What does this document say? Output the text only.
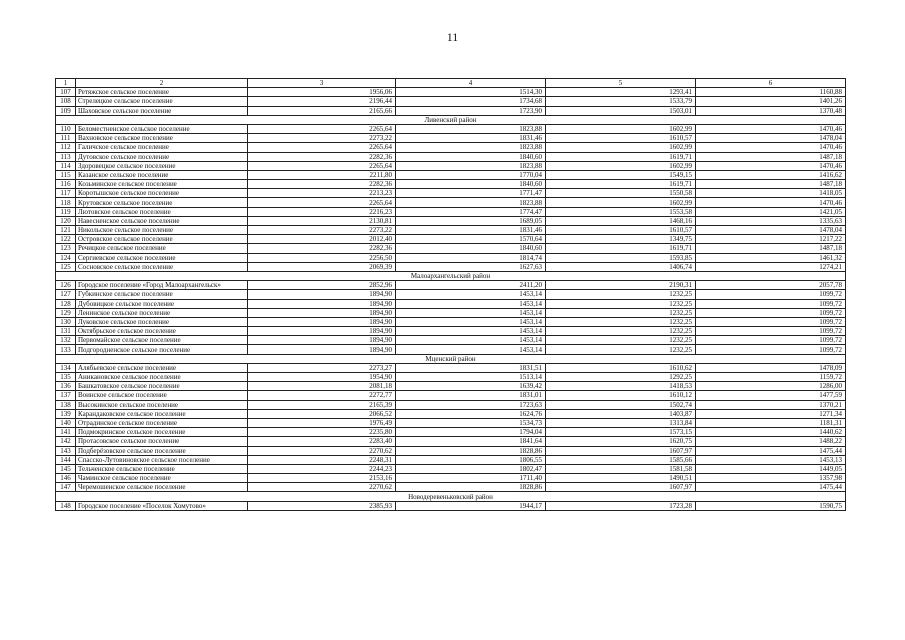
11
1	2	3	4	5	6
107	Ретяжское сельское поселение	1956,06	1514,30	1293,41	1160,88
108	Стрелецкое сельское поселение	2196,44	1734,68	1533,79	1401,26
109	Шаховское сельское поселение	2165,66	1723,90	1503,01	1370,48
Ливенский район					
110	Беломестненское сельское поселение	2265,64	1823,88	1602,99	1470,46
111	Вахновское сельское поселение	2273,22	1831,46	1610,57	1478,04
112	Галичское сельское поселение	2265,64	1823,88	1602,99	1470,46
113	Дутовское сельское поселение	2282,36	1840,60	1619,71	1487,18
114	Здоровецкое сельское поселение	2265,64	1823,88	1602,99	1470,46
115	Казанское сельское поселение	2211,80	1770,04	1549,15	1416,62
116	Козьминское сельское поселение	2282,36	1840,60	1619,71	1487,18
117	Коротышское сельское поселение	2213,23	1771,47	1550,58	1418,05
118	Крутовское сельское поселение	2265,64	1823,88	1602,99	1470,46
119	Лютовское сельское поселение	2216,23	1774,47	1553,58	1421,05
120	Навесненское сельское поселение	2130,81	1689,05	1468,16	1335,63
121	Никольское сельское поселение	2273,22	1831,46	1610,57	1478,04
122	Островское сельское поселение	2012,40	1570,64	1349,75	1217,22
123	Речицкое сельское поселение	2282,36	1840,60	1619,71	1487,18
124	Сергиевское сельское поселение	2256,50	1814,74	1593,85	1461,32
125	Сосновское сельское поселение	2069,39	1627,63	1406,74	1274,21
Малоархангельский район					
126	Городское поселение «Город Малоархангельск»	2852,96	2411,20	2190,31	2057,78
127	Губкинское сельское поселение	1894,90	1453,14	1232,25	1099,72
128	Дубовицкое сельское поселение	1894,90	1453,14	1232,25	1099,72
129	Ленинское сельское поселение	1894,90	1453,14	1232,25	1099,72
130	Луковское сельское поселение	1894,90	1453,14	1232,25	1099,72
131	Октябрьское сельское поселение	1894,90	1453,14	1232,25	1099,72
132	Первомайское сельское поселение	1894,90	1453,14	1232,25	1099,72
133	Подгородненское сельское поселение	1894,90	1453,14	1232,25	1099,72
Мценский район					
134	Алябьевское сельское поселение	2273,27	1831,51	1610,62	1478,09
135	Аникановское сельское поселение	1954,90	1513,14	1292,25	1159,72
136	Башкатовское сельское поселение	2081,18	1639,42	1418,53	1286,00
137	Воинское сельское поселение	2272,77	1831,01	1610,12	1477,59
138	Высокинское сельское поселение	2165,39	1723,63	1502,74	1370,21
139	Карандаковское сельское поселение	2066,52	1624,76	1403,87	1271,34
140	Отрадинское сельское поселение	1976,49	1534,73	1313,84	1181,31
141	Подмокринское сельское поселение	2235,80	1794,04	1573,15	1440,62
142	Протасовское сельское поселение	2283,40	1841,64	1620,75	1488,22
143	Подберёзовское сельское поселение	2270,62	1828,86	1607,97	1475,44
144	Спасско-Лутовиновское сельское поселение	2248,31	1806,55	1585,66	1453,13
145	Тельченское сельское поселение	2244,23	1802,47	1581,58	1449,05
146	Чаминское сельское поселение	2153,16	1711,40	1490,51	1357,98
147	Черемошенское сельское поселение	2270,62	1828,86	1607,97	1475,44
Новодеревеньковский район					
148	Городское поселение «Поселок Хомутово»	2385,93	1944,17	1723,28	1590,75
